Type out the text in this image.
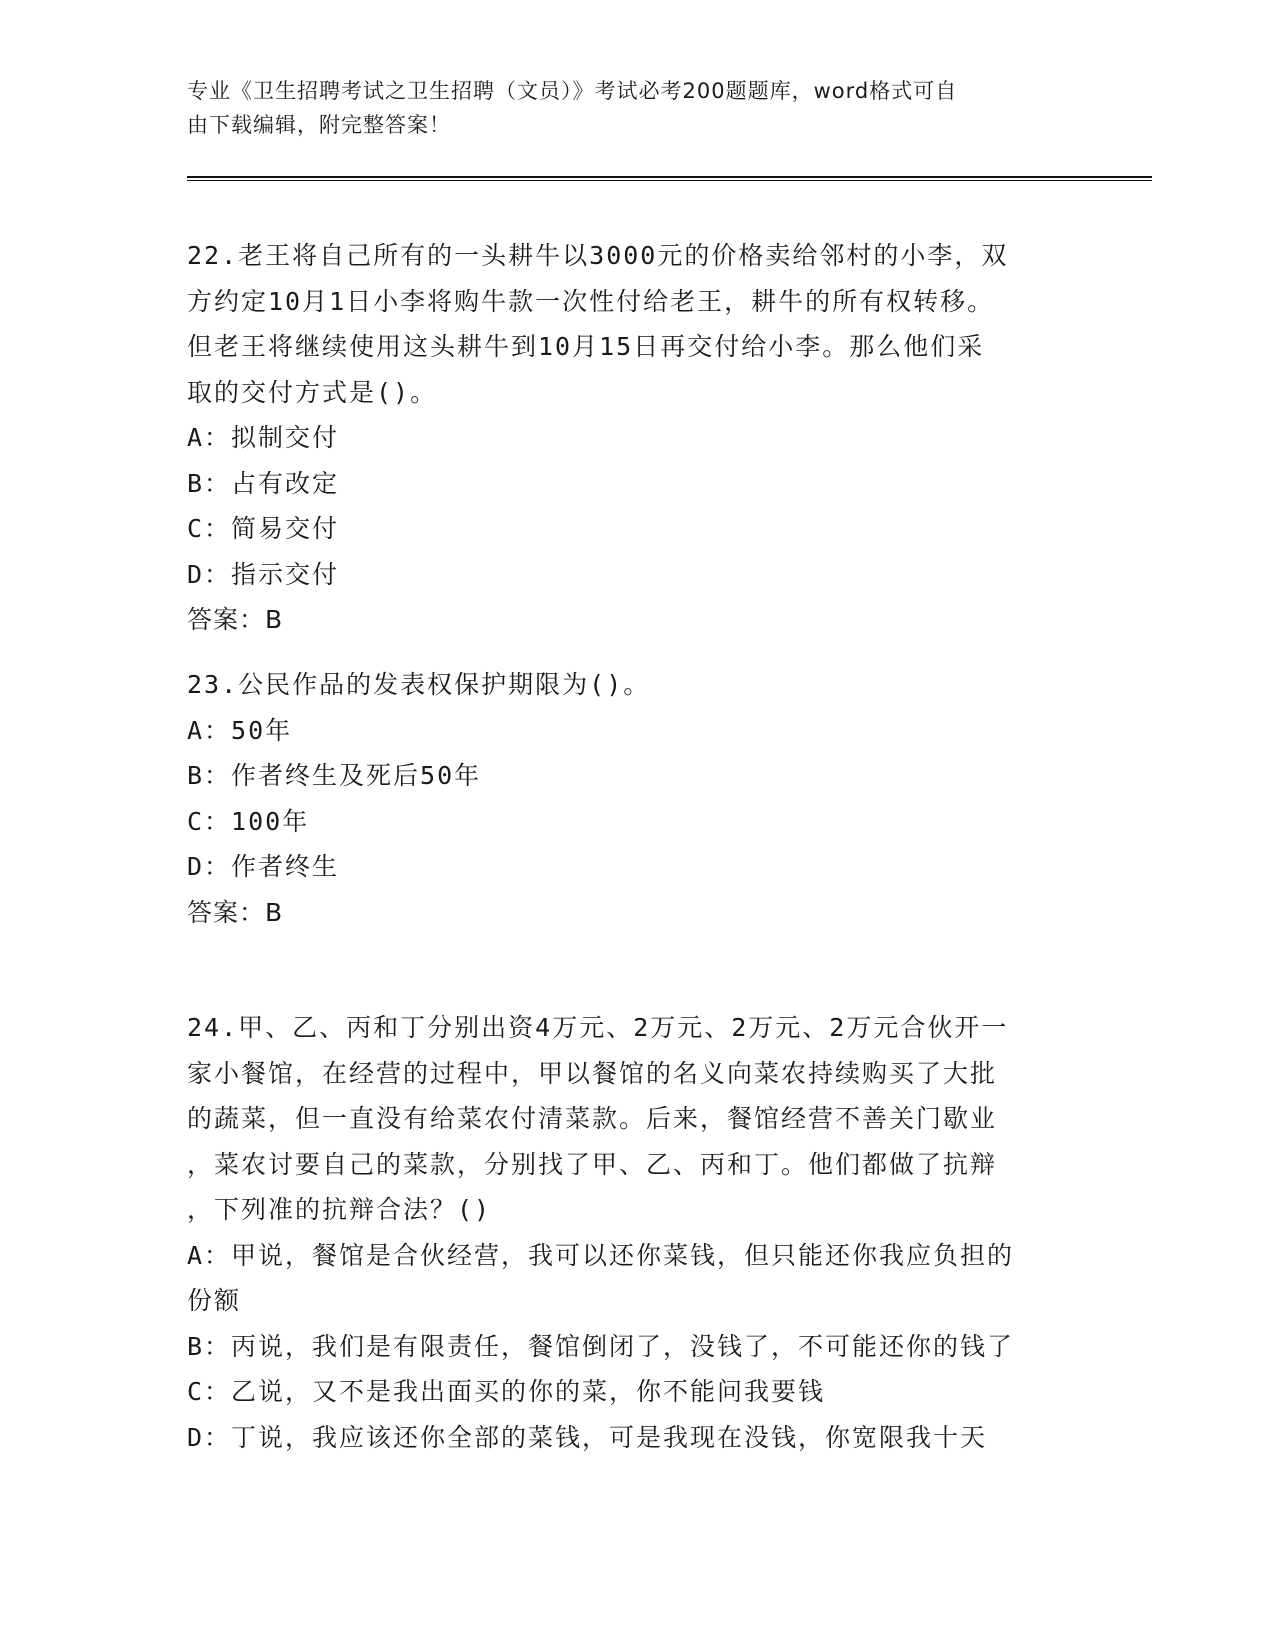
专业《卫生招聘考试之卫生招聘（文员）》考试必考200题题库，word格式可自
由下载编辑，附完整答案！
22.老王将自己所有的一头耕牛以3000元的价格卖给邻村的小李，双
方约定10月1日小李将购牛款一次性付给老王，耕牛的所有权转移。
但老王将继续使用这头耕牛到10月15日再交付给小李。那么他们采
取的交付方式是()。
A：拟制交付
B：占有改定
C：简易交付
D：指示交付
答案：B
23.公民作品的发表权保护期限为()。
A：50年
B：作者终生及死后50年
C：100年
D：作者终生
答案：B
24.甲、乙、丙和丁分别出资4万元、2万元、2万元、2万元合伙开一
家小餐馆，在经营的过程中，甲以餐馆的名义向菜农持续购买了大批
的蔬菜，但一直没有给菜农付清菜款。后来，餐馆经营不善关门歇业
，菜农讨要自己的菜款，分别找了甲、乙、丙和丁。他们都做了抗辩
，下列准的抗辩合法？()
A：甲说，餐馆是合伙经营，我可以还你菜钱，但只能还你我应负担的
份额
B：丙说，我们是有限责任，餐馆倒闭了，没钱了，不可能还你的钱了
C：乙说，又不是我出面买的你的菜，你不能问我要钱
D：丁说，我应该还你全部的菜钱，可是我现在没钱，你宽限我十天
